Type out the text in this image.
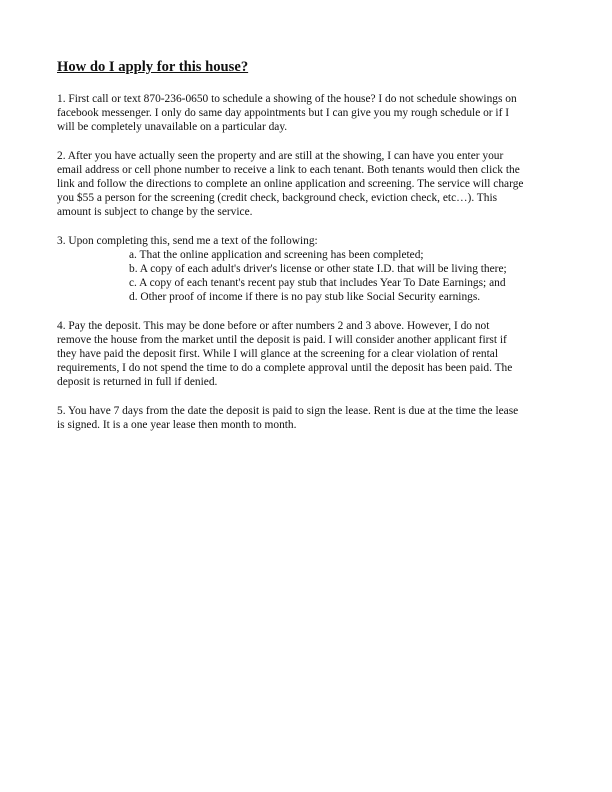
How do I apply for this house?

1. First call or text 870-236-0650 to schedule a showing of the house? I do not schedule showings on
facebook messenger. I only do same day appointments but I can give you my rough schedule or if I
will be completely unavailable on a particular day.

2. After you have actually seen the property and are still at the showing, I can have you enter your
email address or cell phone number to receive a link to each tenant. Both tenants would then click the
link and follow the directions to complete an online application and screening. The service will charge
you $55 a person for the screening (credit check, background check, eviction check, etc…). This
amount is subject to change by the service.

3. Upon completing this, send me a text of the following:

a. That the online application and screening has been completed;
b. A copy of each adult's driver's license or other state I.D. that will be living there;
c. A copy of each tenant's recent pay stub that includes Year To Date Earnings; and
d. Other proof of income if there is no pay stub like Social Security earnings.

4. Pay the deposit. This may be done before or after numbers 2 and 3 above. However, I do not
remove the house from the market until the deposit is paid. I will consider another applicant first if
they have paid the deposit first. While I will glance at the screening for a clear violation of rental
requirements, I do not spend the time to do a complete approval until the deposit has been paid. The
deposit is returned in full if denied.

5. You have 7 days from the date the deposit is paid to sign the lease. Rent is due at the time the lease
is signed. It is a one year lease then month to month.
